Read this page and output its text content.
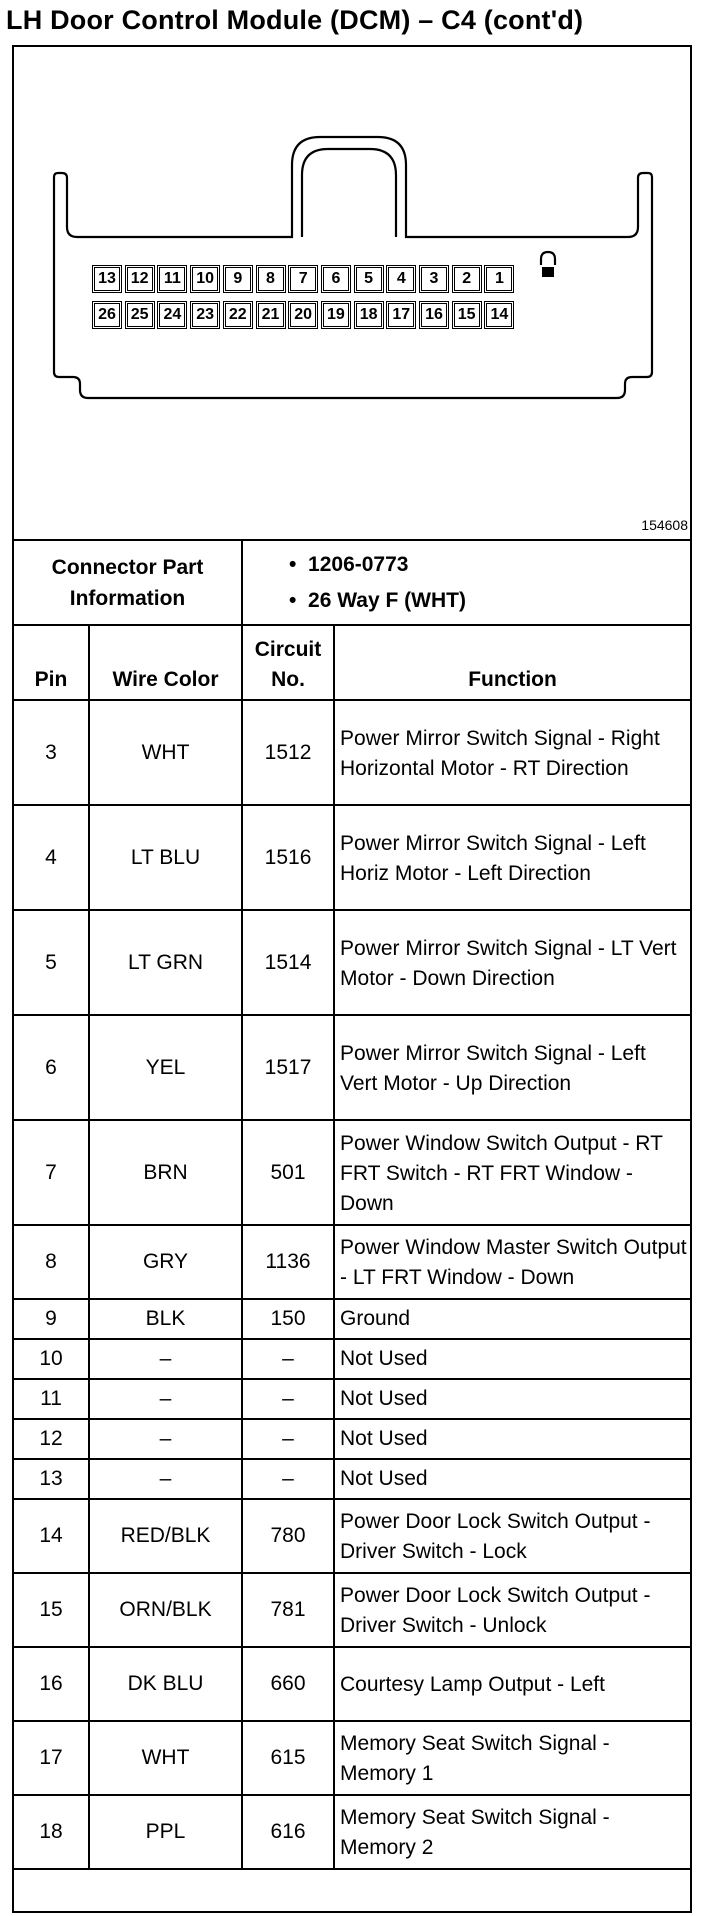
LH Door Control Module (DCM) – C4 (cont'd)
13 12 11 10	9	8	7	6	5	4	3	2	1
26 25 24 23 22 21 20 19 18 17 16 15 14
154608
Connector Part Information		•  1206-0773
•  26 Way F (WHT)

Pin	Wire Color	Circuit No.	Function
3	WHT	1512	Power Mirror Switch Signal - Right Horizontal Motor - RT Direction
4	LT BLU	1516	Power Mirror Switch Signal - Left Horiz Motor - Left Direction
5	LT GRN	1514	Power Mirror Switch Signal - LT Vert Motor - Down Direction
6	YEL	1517	Power Mirror Switch Signal - Left Vert Motor - Up Direction
7	BRN	501	Power Window Switch Output - RT FRT Switch - RT FRT Window - Down
8	GRY	1136	Power Window Master Switch Output - LT FRT Window - Down
9	BLK	150	Ground
10	–	–	Not Used
11	–	–	Not Used
12	–	–	Not Used
13	–	–	Not Used
14	RED/BLK	780	Power Door Lock Switch Output - Driver Switch - Lock
15	ORN/BLK	781	Power Door Lock Switch Output - Driver Switch - Unlock
16	DK BLU	660	Courtesy Lamp Output - Left
17	WHT	615	Memory Seat Switch Signal - Memory 1
18	PPL	616	Memory Seat Switch Signal - Memory 2
